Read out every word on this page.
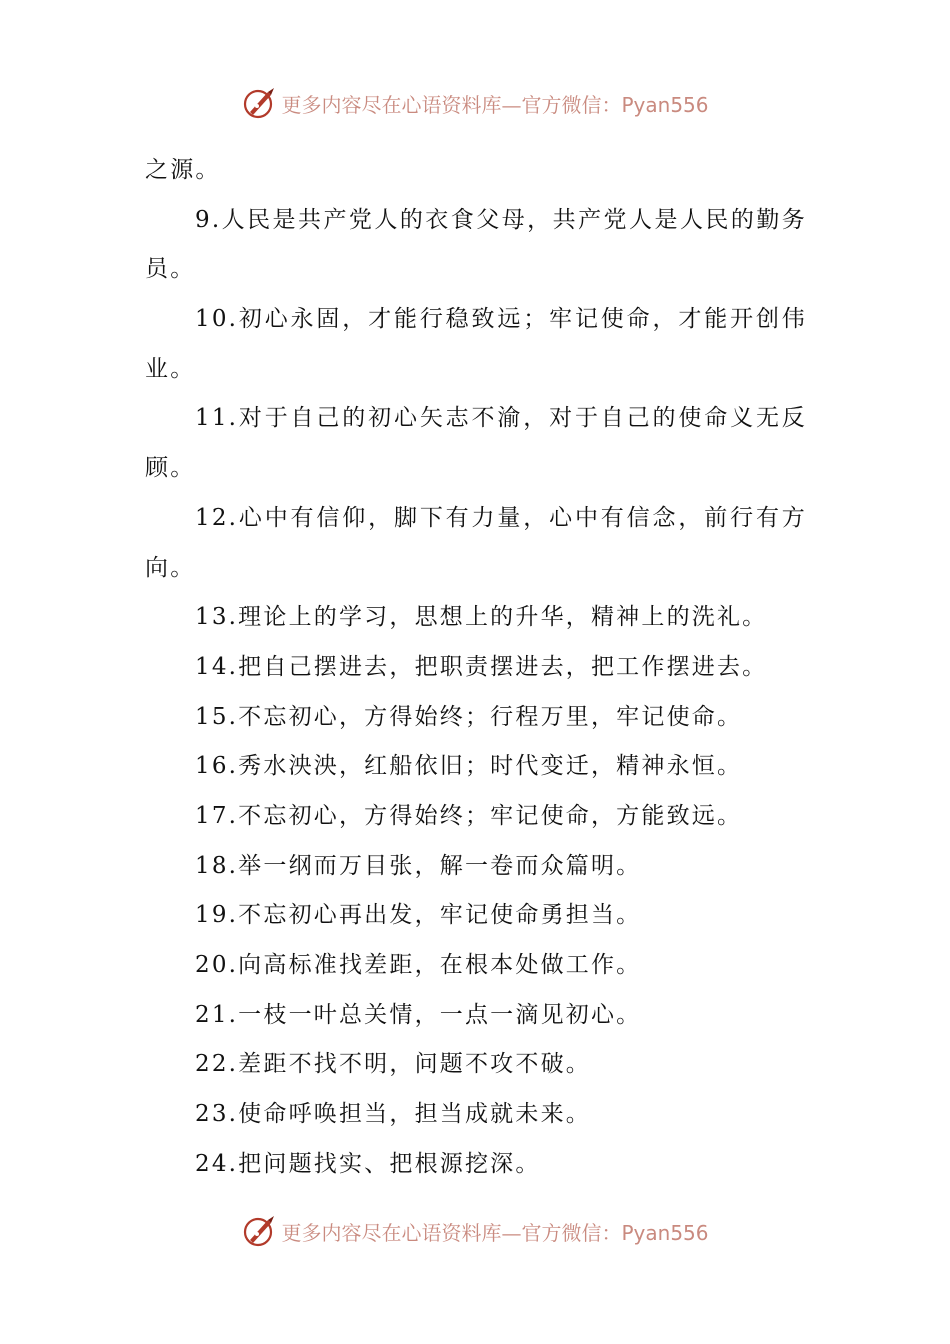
更多内容尽在心语资料库—官方微信：Pyan556
之源。
9.人民是共产党人的衣食父母，共产党人是人民的勤务
员。
10.初心永固，才能行稳致远；牢记使命，才能开创伟
业。
11.对于自己的初心矢志不渝，对于自己的使命义无反
顾。
12.心中有信仰，脚下有力量，心中有信念，前行有方
向。
13.理论上的学习，思想上的升华，精神上的洗礼。
14.把自己摆进去，把职责摆进去，把工作摆进去。
15.不忘初心，方得始终；行程万里，牢记使命。
16.秀水泱泱，红船依旧；时代变迁，精神永恒。
17.不忘初心，方得始终；牢记使命，方能致远。
18.举一纲而万目张，解一卷而众篇明。
19.不忘初心再出发，牢记使命勇担当。
20.向高标准找差距，在根本处做工作。
21.一枝一叶总关情，一点一滴见初心。
22.差距不找不明，问题不攻不破。
23.使命呼唤担当，担当成就未来。
24.把问题找实、把根源挖深。
更多内容尽在心语资料库—官方微信：Pyan556
